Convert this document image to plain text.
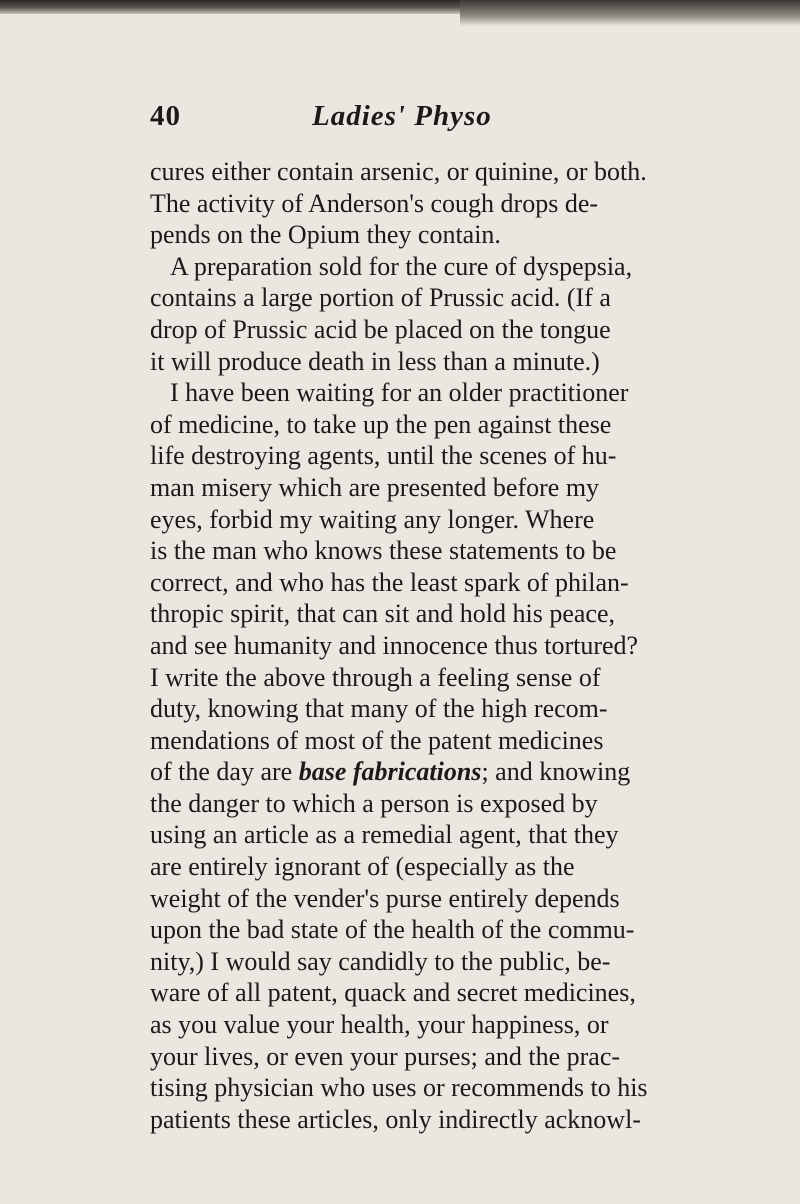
40	Ladies' Physo
cures either contain arsenic, or quinine, or both.
The activity of Anderson's cough drops de-
pends on the Opium they contain.
A preparation sold for the cure of dyspepsia,
contains a large portion of Prussic acid. (If a
drop of Prussic acid be placed on the tongue
it will produce death in less than a minute.)
I have been waiting for an older practitioner
of medicine, to take up the pen against these
life destroying agents, until the scenes of hu-
man misery which are presented before my
eyes, forbid my waiting any longer. Where
is the man who knows these statements to be
correct, and who has the least spark of philan-
thropic spirit, that can sit and hold his peace,
and see humanity and innocence thus tortured?
I write the above through a feeling sense of
duty, knowing that many of the high recom-
mendations of most of the patent medicines
of the day are base fabrications; and knowing
the danger to which a person is exposed by
using an article as a remedial agent, that they
are entirely ignorant of (especially as the
weight of the vender's purse entirely depends
upon the bad state of the health of the commu-
nity,) I would say candidly to the public, be-
ware of all patent, quack and secret medicines,
as you value your health, your happiness, or
your lives, or even your purses; and the prac-
tising physician who uses or recommends to his
patients these articles, only indirectly acknowl-
